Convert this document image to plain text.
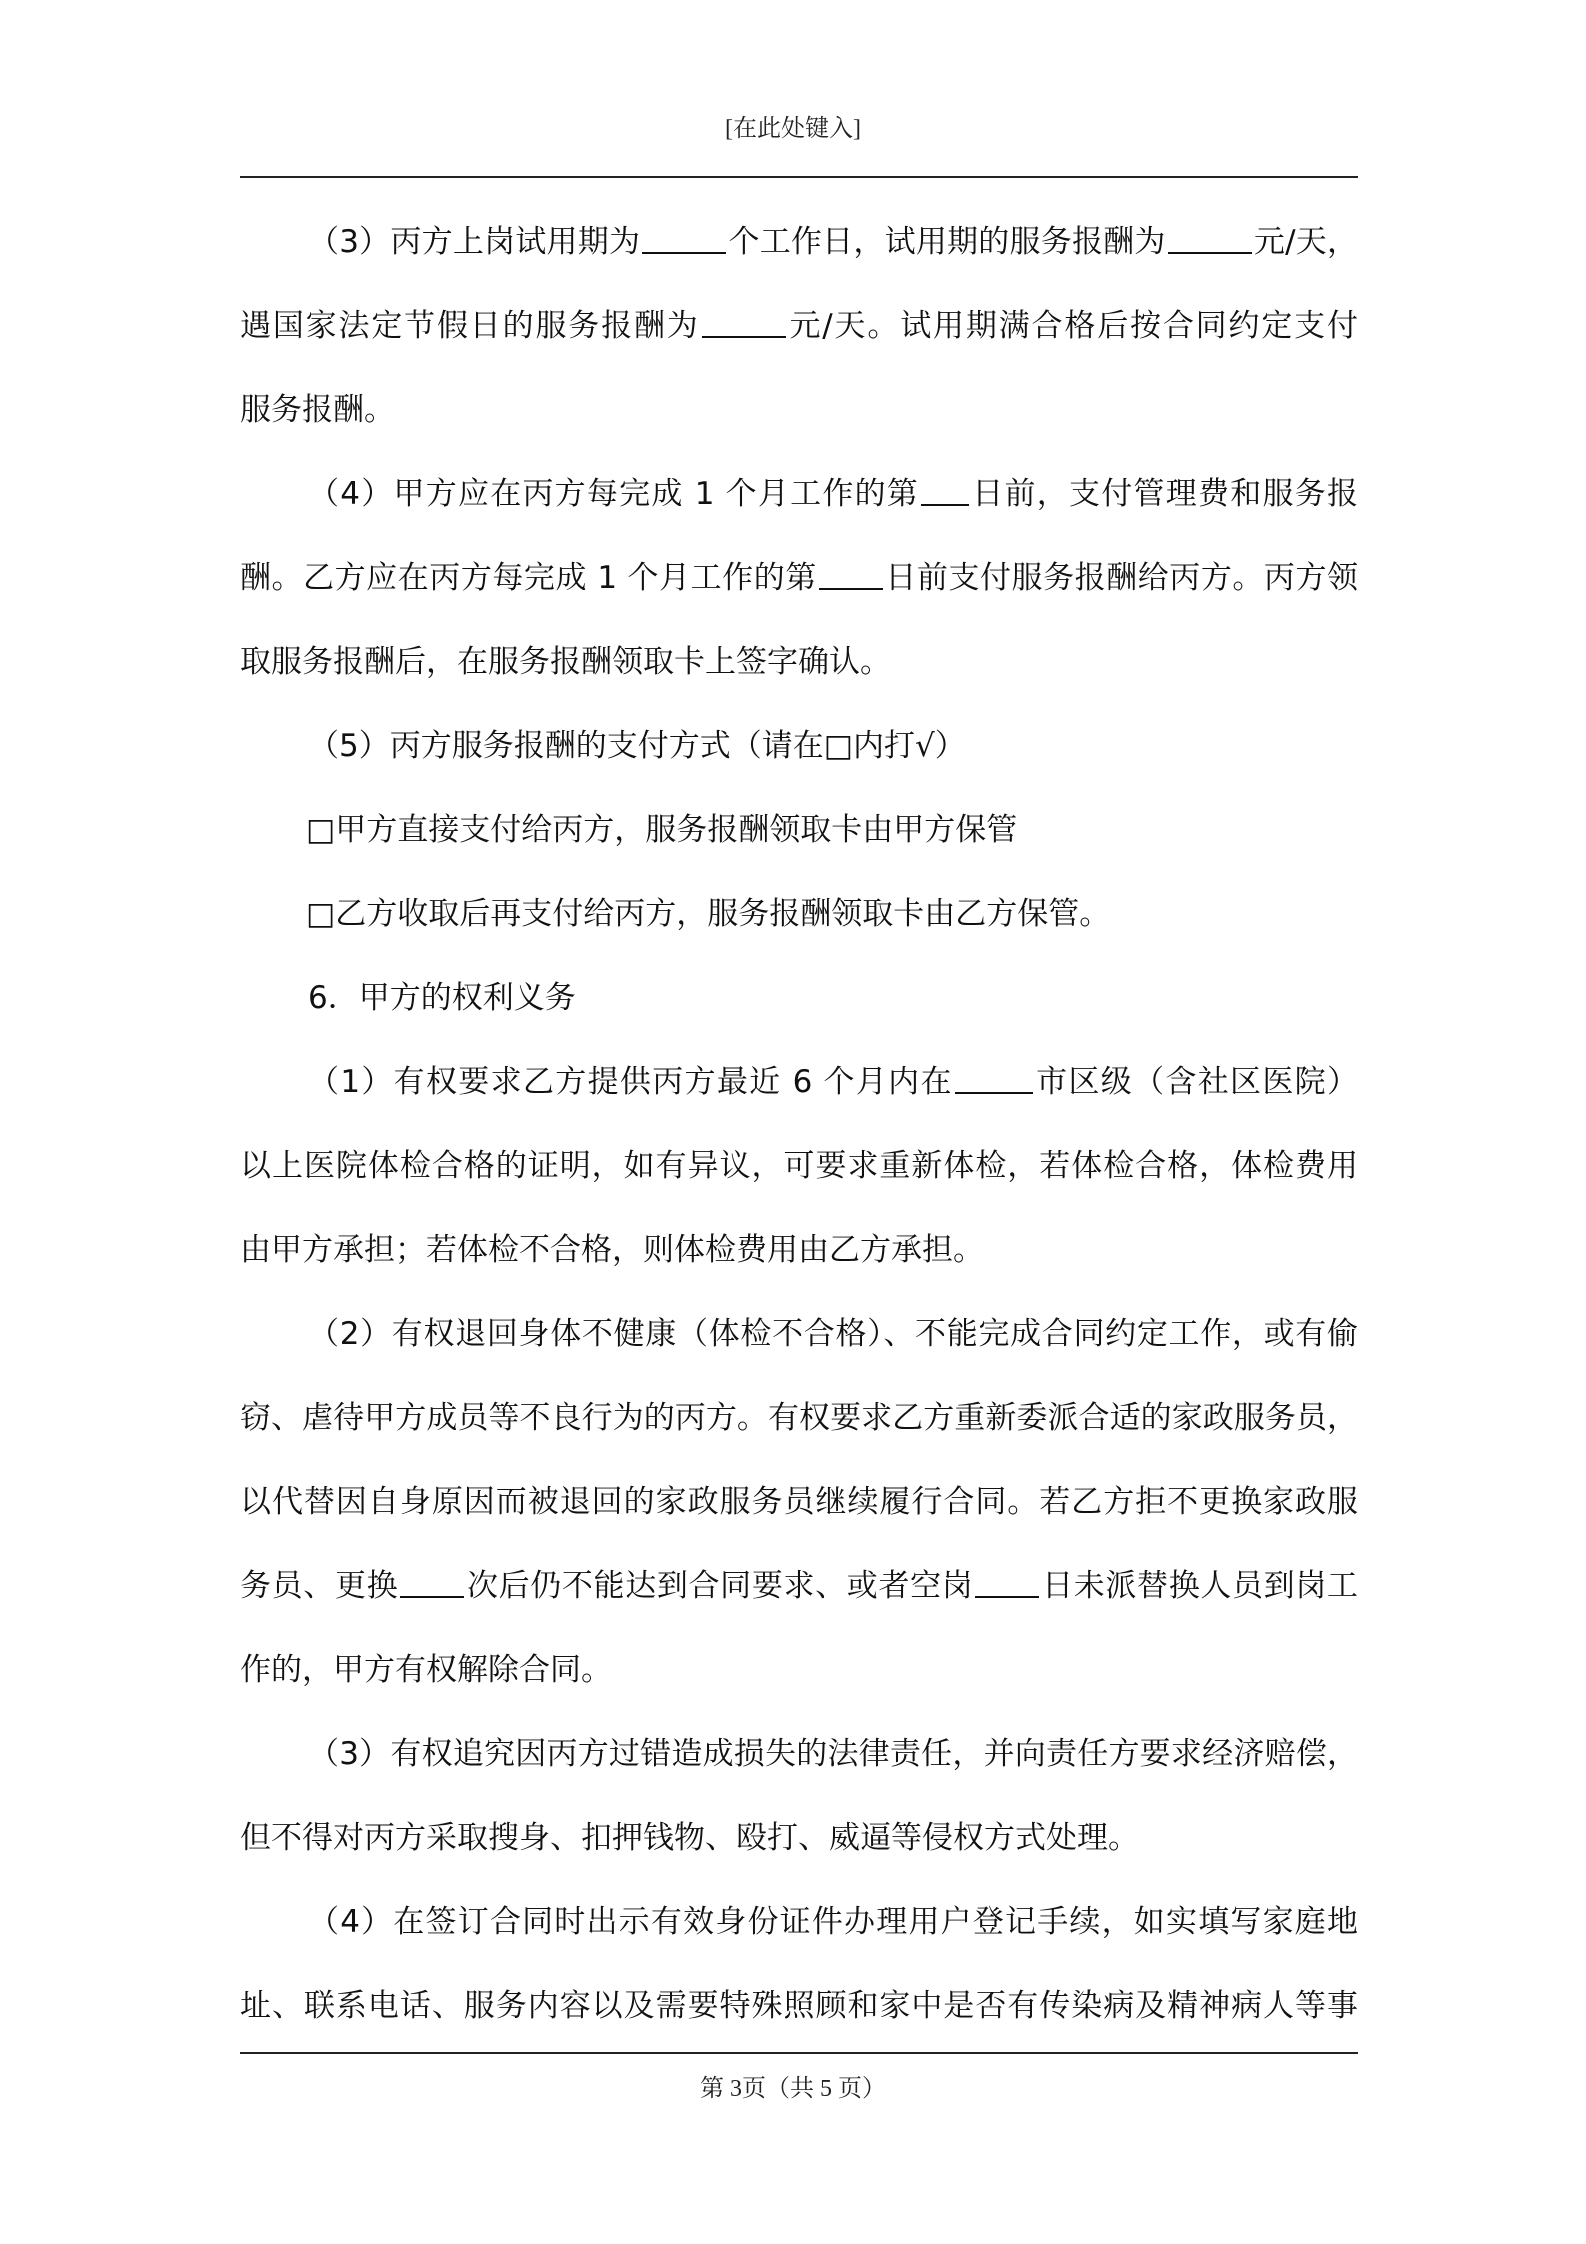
[在此处键入]
（3）丙方上岗试用期为	个工作日，试用期的服务报酬为	元/天，
遇国家法定节假日的服务报酬为	元/天。试用期满合格后按合同约定支付
服务报酬。
（4）甲方应在丙方每完成 1 个月工作的第 日前，支付管理费和服务报
酬。乙方应在丙方每完成 1 个月工作的第 日前支付服务报酬给丙方。丙方领
取服务报酬后，在服务报酬领取卡上签字确认。
（5）丙方服务报酬的支付方式（请在□内打√）
□甲方直接支付给丙方，服务报酬领取卡由甲方保管
□乙方收取后再支付给丙方，服务报酬领取卡由乙方保管。
6．甲方的权利义务
（1）有权要求乙方提供丙方最近 6 个月内在	市区级（含社区医院）
以上医院体检合格的证明，如有异议，可要求重新体检，若体检合格，体检费用
由甲方承担；若体检不合格，则体检费用由乙方承担。
（2）有权退回身体不健康（体检不合格）、不能完成合同约定工作，或有偷
窃、虐待甲方成员等不良行为的丙方。有权要求乙方重新委派合适的家政服务员，
以代替因自身原因而被退回的家政服务员继续履行合同。若乙方拒不更换家政服
务员、更换 次后仍不能达到合同要求、或者空岗 日未派替换人员到岗工
作的，甲方有权解除合同。
（3）有权追究因丙方过错造成损失的法律责任，并向责任方要求经济赔偿，
但不得对丙方采取搜身、扣押钱物、殴打、威逼等侵权方式处理。
（4）在签订合同时出示有效身份证件办理用户登记手续，如实填写家庭地
址、联系电话、服务内容以及需要特殊照顾和家中是否有传染病及精神病人等事
第 3页（共 5 页）
